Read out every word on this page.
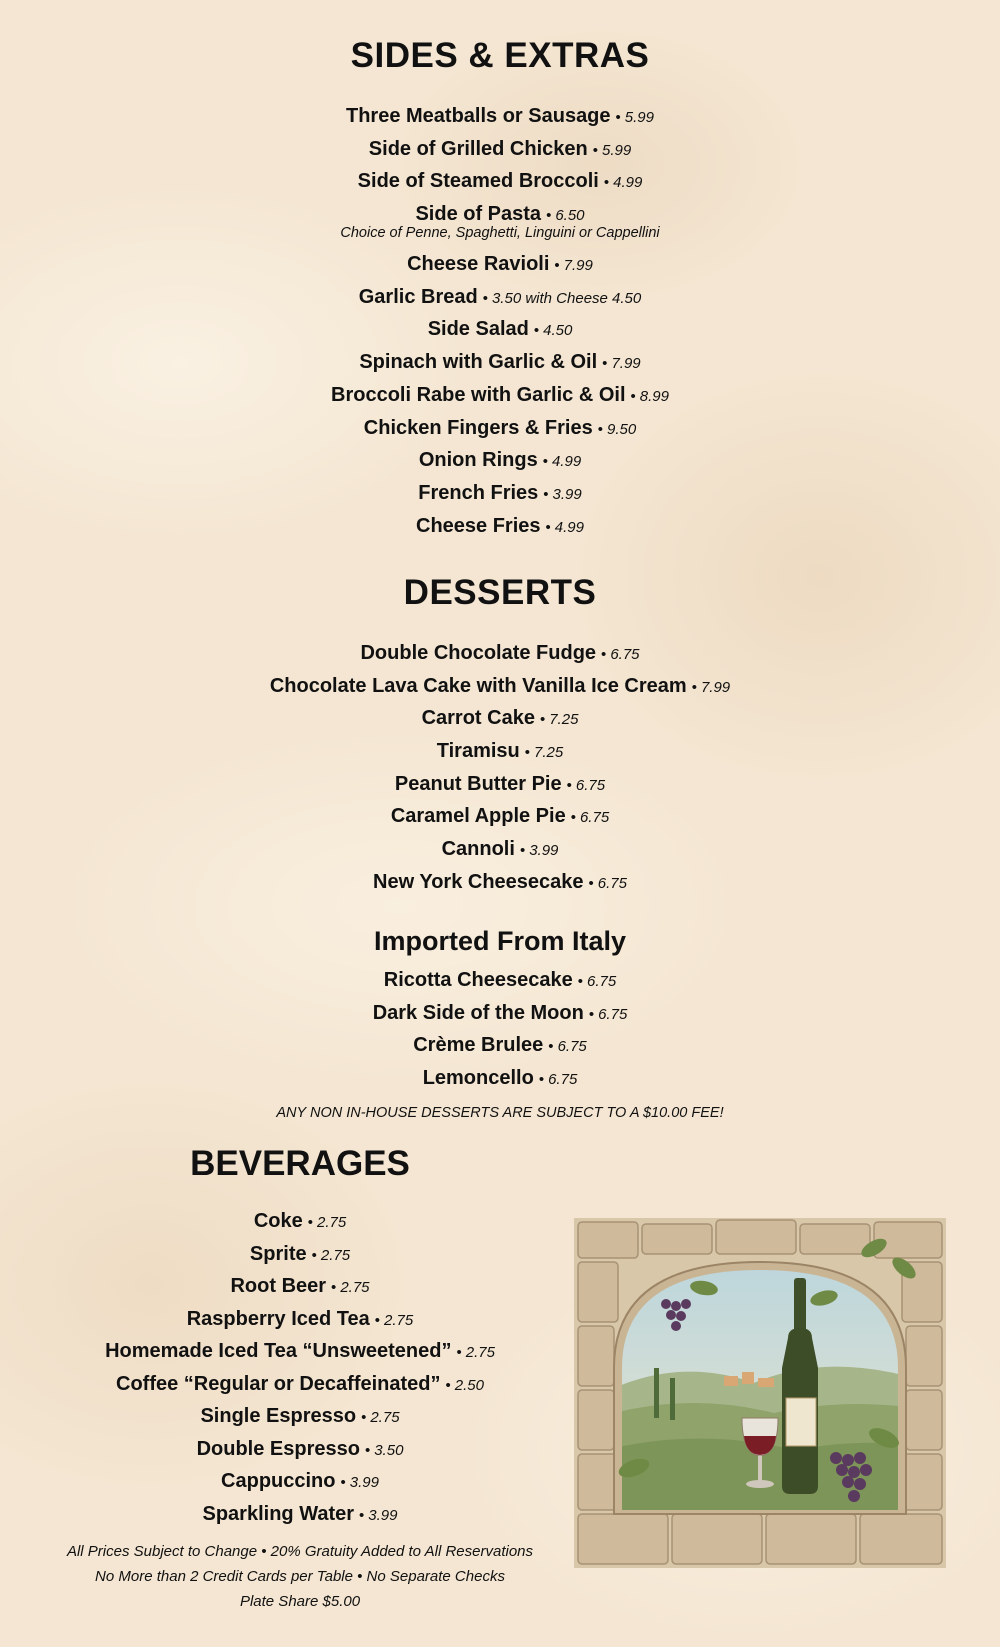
SIDES & EXTRAS
Three Meatballs or Sausage • 5.99
Side of Grilled Chicken • 5.99
Side of Steamed Broccoli • 4.99
Side of Pasta • 6.50
Choice of Penne, Spaghetti, Linguini or Cappellini
Cheese Ravioli • 7.99
Garlic Bread • 3.50 with Cheese 4.50
Side Salad • 4.50
Spinach with Garlic & Oil • 7.99
Broccoli Rabe with Garlic & Oil • 8.99
Chicken Fingers & Fries • 9.50
Onion Rings • 4.99
French Fries • 3.99
Cheese Fries • 4.99
DESSERTS
Double Chocolate Fudge • 6.75
Chocolate Lava Cake with Vanilla Ice Cream • 7.99
Carrot Cake • 7.25
Tiramisu • 7.25
Peanut Butter Pie • 6.75
Caramel Apple Pie • 6.75
Cannoli • 3.99
New York Cheesecake • 6.75
Imported From Italy
Ricotta Cheesecake • 6.75
Dark Side of the Moon • 6.75
Crème Brulee • 6.75
Lemoncello • 6.75

ANY NON IN-HOUSE DESSERTS ARE SUBJECT TO A $10.00 FEE!

BEVERAGES
Coke • 2.75
Sprite • 2.75
Root Beer • 2.75
Raspberry Iced Tea • 2.75
Homemade Iced Tea “Unsweetened” • 2.75
Coffee “Regular or Decaffeinated” • 2.50
Single Espresso • 2.75
Double Espresso • 3.50
Cappuccino • 3.99
Sparkling Water • 3.99
All Prices Subject to Change • 20% Gratuity Added to All Reservations
No More than 2 Credit Cards per Table • No Separate Checks
Plate Share $5.00
